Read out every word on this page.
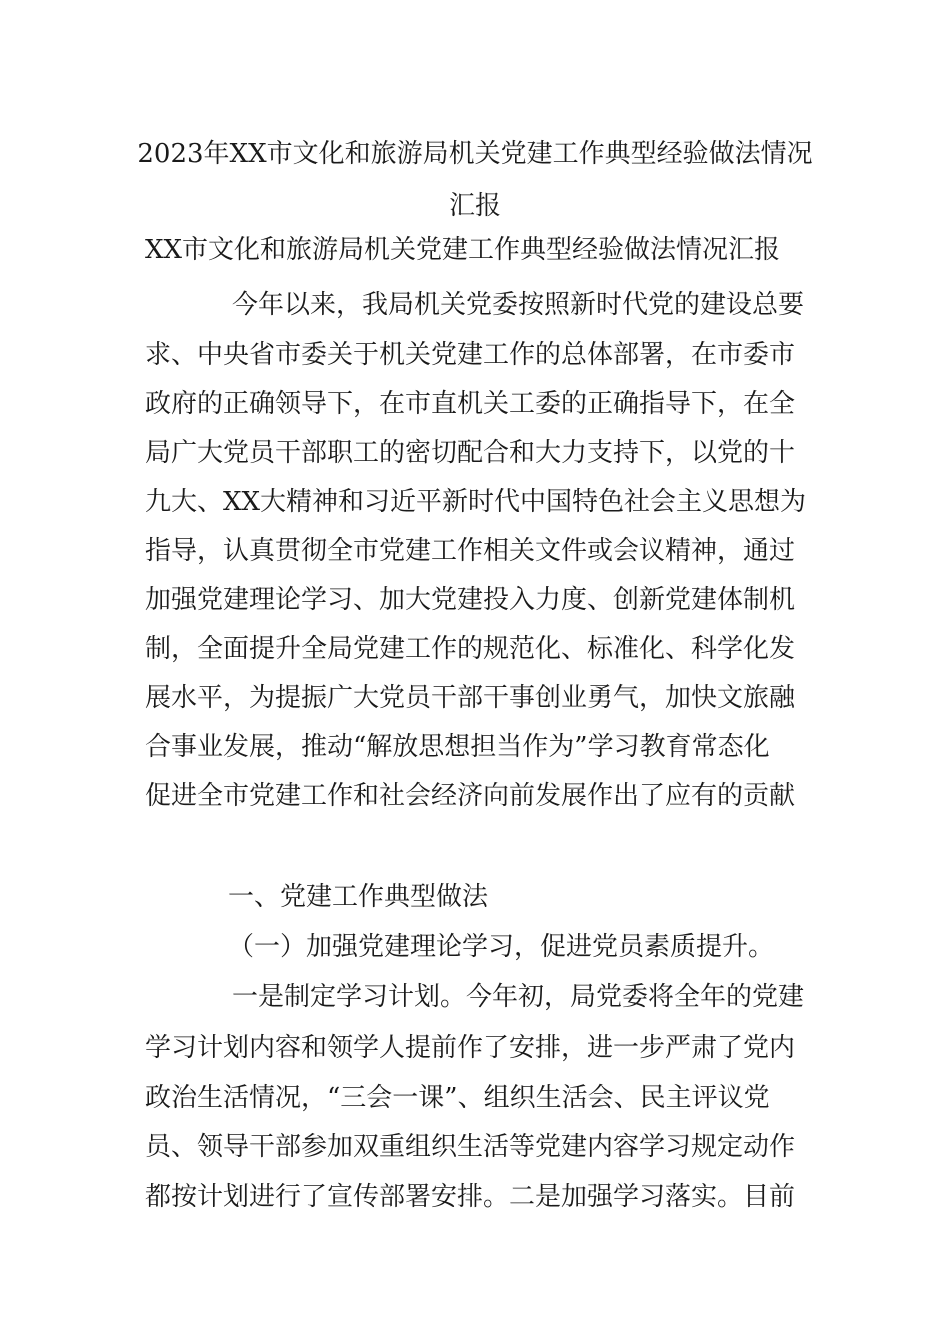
2023年XX市文化和旅游局机关党建工作典型经验做法情况汇报

XX市文化和旅游局机关党建工作典型经验做法情况汇报

今年以来，我局机关党委按照新时代党的建设总要

求、中央省市委关于机关党建工作的总体部署，在市委市

政府的正确领导下，在市直机关工委的正确指导下，在全

局广大党员干部职工的密切配合和大力支持下，以党的十

九大、XX大精神和习近平新时代中国特色社会主义思想为

指导，认真贯彻全市党建工作相关文件或会议精神，通过

加强党建理论学习、加大党建投入力度、创新党建体制机

制，全面提升全局党建工作的规范化、标准化、科学化发

展水平，为提振广大党员干部干事创业勇气，加快文旅融

合事业发展，推动“解放思想担当作为”学习教育常态化

促进全市党建工作和社会经济向前发展作出了应有的贡献

一、党建工作典型做法

（一）加强党建理论学习，促进党员素质提升。

一是制定学习计划。今年初，局党委将全年的党建

学习计划内容和领学人提前作了安排，进一步严肃了党内

政治生活情况，“三会一课”、组织生活会、民主评议党

员、领导干部参加双重组织生活等党建内容学习规定动作

都按计划进行了宣传部署安排。二是加强学习落实。目前
